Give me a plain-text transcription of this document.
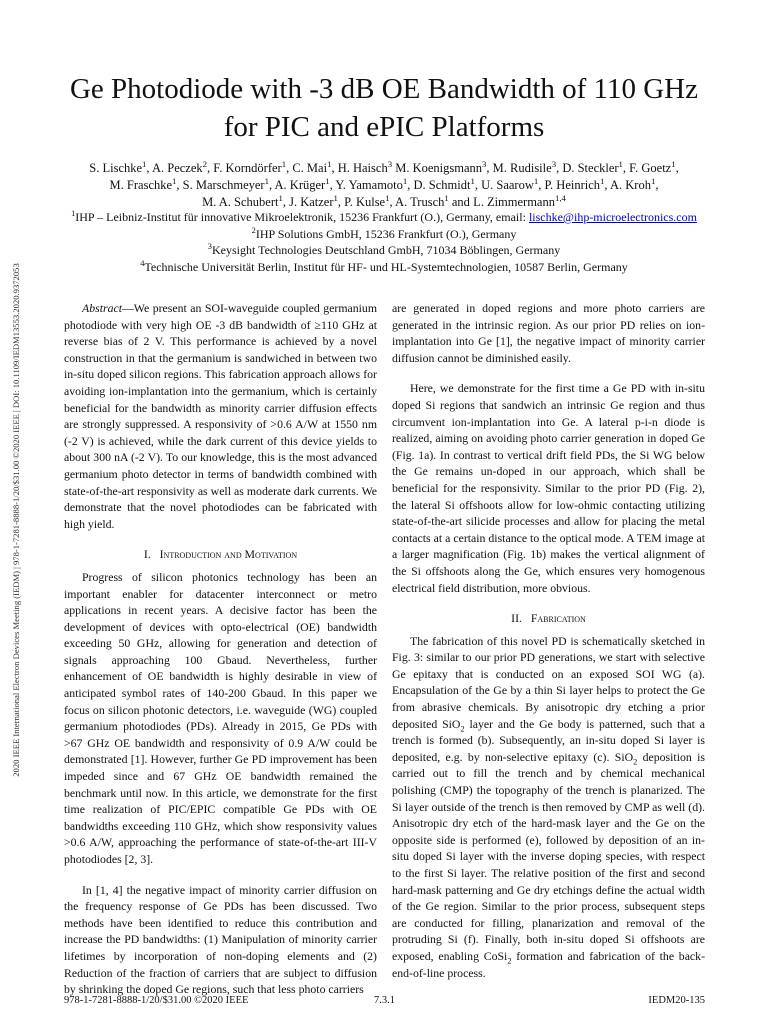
2020 IEEE International Electron Devices Meeting (IEDM) | 978-1-7281-8888-1/20/$31.00 ©2020 IEEE | DOI: 10.1109/IEDM13553.2020.9372053
Ge Photodiode with -3 dB OE Bandwidth of 110 GHz
for PIC and ePIC Platforms
S. Lischke$^1$, A. Peczek$^2$, F. Korndörfer$^1$, C. Mai$^1$, H. Haisch$^3$ M. Koenigsmann$^3$, M. Rudisile$^3$, D. Steckler$^1$, F. Goetz$^1$,
M. Fraschke$^1$, S. Marschmeyer$^1$, A. Krüger$^1$, Y. Yamamoto$^1$, D. Schmidt$^1$, U. Saarow$^1$, P. Heinrich$^1$, A. Kroh$^1$,
M. A. Schubert$^1$, J. Katzer$^1$, P. Kulse$^1$, A. Trusch$^1$ and L. Zimmermann$^{1,4}$
$^1$IHP – Leibniz-Institut für innovative Mikroelektronik, 15236 Frankfurt (O.), Germany, email: lischke@ihp-microelectronics.com
$^2$IHP Solutions GmbH, 15236 Frankfurt (O.), Germany
$^3$Keysight Technologies Deutschland GmbH, 71034 Böblingen, Germany
$^4$Technische Universität Berlin, Institut für HF- und HL-Systemtechnologien, 10587 Berlin, Germany

Abstract—We present an SOI-waveguide coupled germanium photodiode with very high OE -3 dB bandwidth of ≥110 GHz at reverse bias of 2 V. This performance is achieved by a novel construction in that the germanium is sandwiched in between two in-situ doped silicon regions. This fabrication approach allows for avoiding ion-implantation into the germanium, which is certainly beneficial for the bandwidth as minority carrier diffusion effects are strongly suppressed. A responsivity of >0.6 A/W at 1550 nm (-2 V) is achieved, while the dark current of this device yields to about 300 nA (-2 V). To our knowledge, this is the most advanced germanium photo detector in terms of bandwidth combined with state-of-the-art responsivity as well as moderate dark currents. We demonstrate that the novel photodiodes can be fabricated with high yield.

I. Introduction and Motivation

Progress of silicon photonics technology has been an important enabler for datacenter interconnect or metro applications in recent years. A decisive factor has been the development of devices with opto-electrical (OE) bandwidth exceeding 50 GHz, allowing for generation and detection of signals approaching 100 Gbaud. Nevertheless, further enhancement of OE bandwidth is highly desirable in view of anticipated symbol rates of 140-200 Gbaud. In this paper we focus on silicon photonic detectors, i.e. waveguide (WG) coupled germanium photodiodes (PDs). Already in 2015, Ge PDs with >67 GHz OE bandwidth and responsivity of 0.9 A/W could be demonstrated [1]. However, further Ge PD improvement has been impeded since and 67 GHz OE bandwidth remained the benchmark until now. In this article, we demonstrate for the first time realization of PIC/EPIC compatible Ge PDs with OE bandwidths exceeding 110 GHz, which show responsivity values >0.6 A/W, approaching the performance of state-of-the-art III-V photodiodes [2, 3].

In [1, 4] the negative impact of minority carrier diffusion on the frequency response of Ge PDs has been discussed. Two methods have been identified to reduce this contribution and increase the PD bandwidths: (1) Manipulation of minority carrier lifetimes by incorporation of non-doping elements and (2) Reduction of the fraction of carriers that are subject to diffusion by shrinking the doped Ge regions, such that less photo carriers

are generated in doped regions and more photo carriers are generated in the intrinsic region. As our prior PD relies on ion-implantation into Ge [1], the negative impact of minority carrier diffusion cannot be diminished easily.

Here, we demonstrate for the first time a Ge PD with in-situ doped Si regions that sandwich an intrinsic Ge region and thus circumvent ion-implantation into Ge. A lateral p-i-n diode is realized, aiming on avoiding photo carrier generation in doped Ge (Fig. 1a). In contrast to vertical drift field PDs, the Si WG below the Ge remains un-doped in our approach, which shall be beneficial for the responsivity. Similar to the prior PD (Fig. 2), the lateral Si offshoots allow for low-ohmic contacting utilizing state-of-the-art silicide processes and allow for placing the metal contacts at a certain distance to the optical mode. A TEM image at a larger magnification (Fig. 1b) makes the vertical alignment of the Si offshoots along the Ge, which ensures very homogenous electrical field distribution, more obvious.

II. Fabrication

The fabrication of this novel PD is schematically sketched in Fig. 3: similar to our prior PD generations, we start with selective Ge epitaxy that is conducted on an exposed SOI WG (a). Encapsulation of the Ge by a thin Si layer helps to protect the Ge from abrasive chemicals. By anisotropic dry etching a prior deposited SiO$_2$ layer and the Ge body is patterned, such that a trench is formed (b). Subsequently, an in-situ doped Si layer is deposited, e.g. by non-selective epitaxy (c). SiO$_2$ deposition is carried out to fill the trench and by chemical mechanical polishing (CMP) the topography of the trench is planarized. The Si layer outside of the trench is then removed by CMP as well (d). Anisotropic dry etch of the hard-mask layer and the Ge on the opposite side is performed (e), followed by deposition of an in-situ doped Si layer with the inverse doping species, with respect to the first Si layer. The relative position of the first and second hard-mask patterning and Ge dry etchings define the actual width of the Ge region. Similar to the prior process, subsequent steps are conducted for filling, planarization and removal of the protruding Si (f). Finally, both in-situ doped Si offshoots are exposed, enabling CoSi$_2$ formation and fabrication of the back-end-of-line process.

978-1-7281-8888-1/20/$31.00 ©2020 IEEE	7.3.1	IEDM20-135
